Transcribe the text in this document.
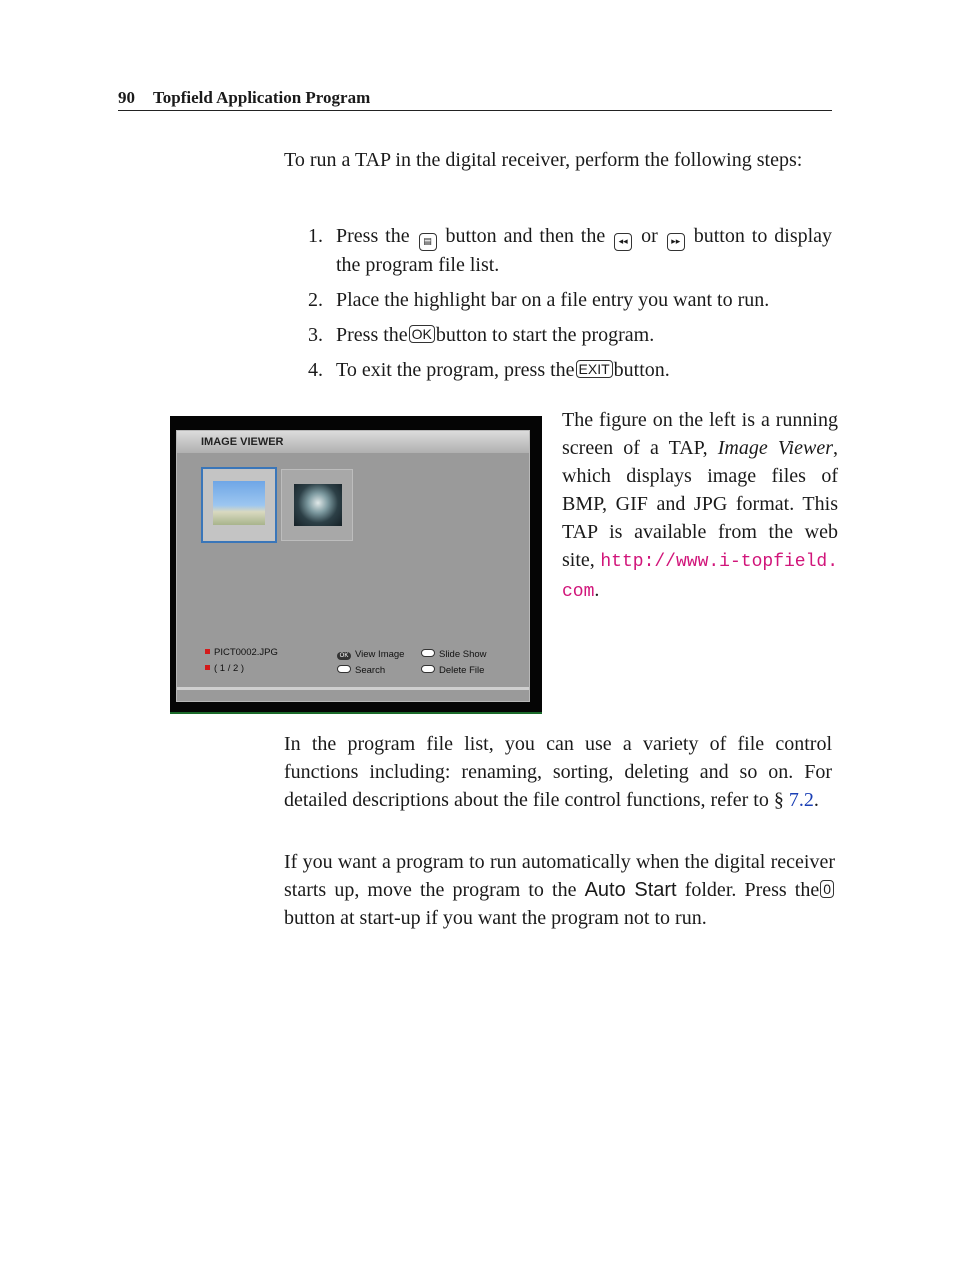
90 Topfield Application Program
To run a TAP in the digital receiver, perform the following steps:
1. Press the ▤ button and then the ◂◂ or ▸▸ button to display the program file list.
2. Place the highlight bar on a file entry you want to run.
3. Press the OK button to start the program.
4. To exit the program, press the EXIT button.
IMAGE VIEWER
PICT0002.JPG
( 1 / 2 )
OK View Image
Search
Slide Show
Delete File
The figure on the left is a running screen of a TAP, Image Viewer, which displays image files of BMP, GIF and JPG format. This TAP is available from the web site, http://www.i-topfield.com.
In the program file list, you can use a variety of file control functions including: renaming, sorting, deleting and so on. For detailed descriptions about the file control functions, refer to § 7.2.
If you want a program to run automatically when the digital receiver starts up, move the program to the Auto Start folder. Press the 0button at start-up if you want the program not to run.
